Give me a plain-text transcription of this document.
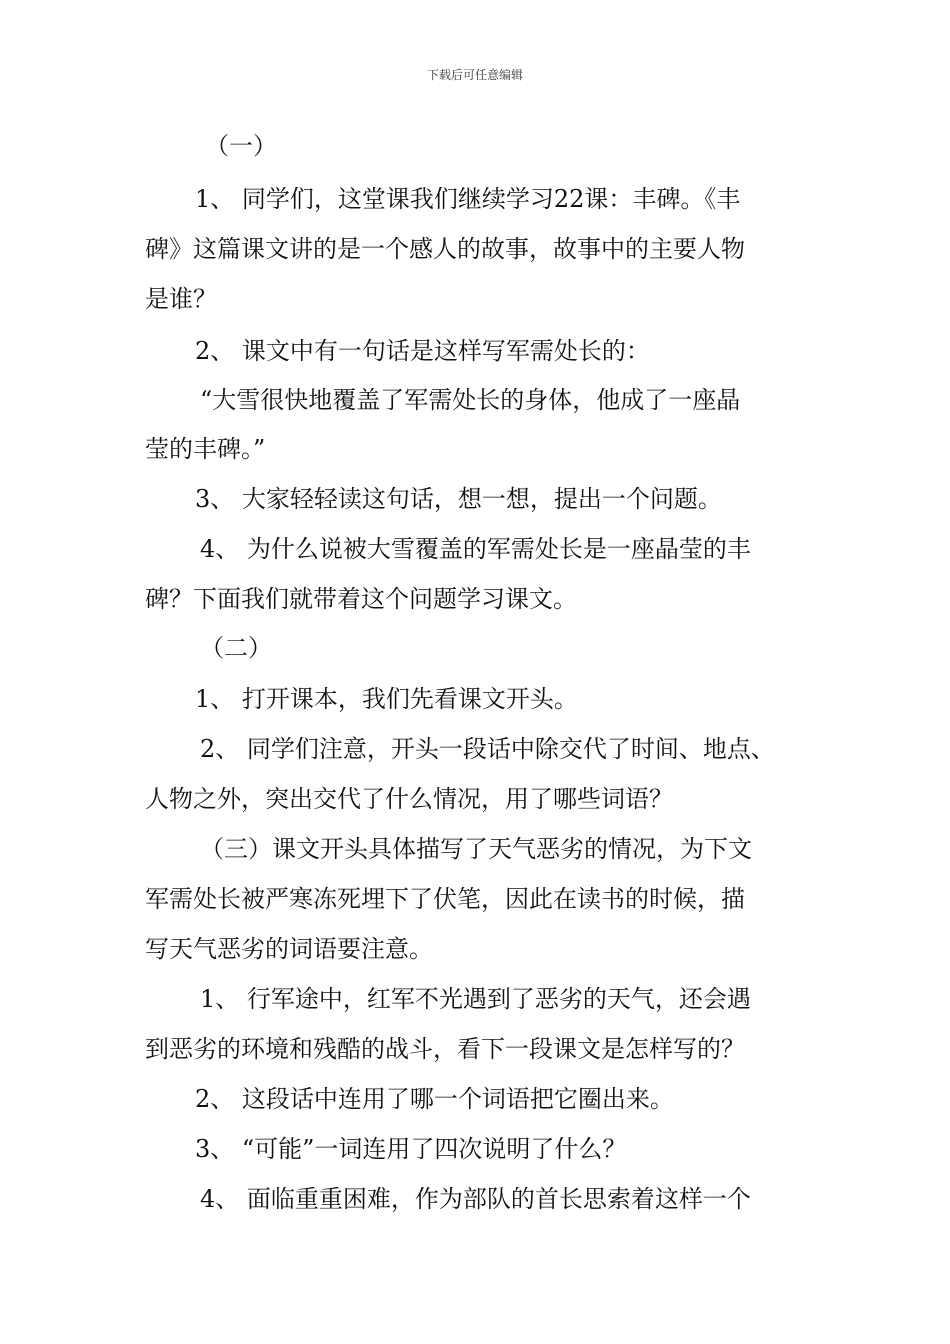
下载后可任意编辑
（一）
1、 同学们，这堂课我们继续学习22课：丰碑。《丰
碑》这篇课文讲的是一个感人的故事，故事中的主要人物
是谁？
2、 课文中有一句话是这样写军需处长的：
“大雪很快地覆盖了军需处长的身体，他成了一座晶
莹的丰碑。”
3、 大家轻轻读这句话，想一想，提出一个问题。
4、 为什么说被大雪覆盖的军需处长是一座晶莹的丰
碑？下面我们就带着这个问题学习课文。
（二）
1、 打开课本，我们先看课文开头。
2、 同学们注意，开头一段话中除交代了时间、地点、
人物之外，突出交代了什么情况，用了哪些词语？
（三）课文开头具体描写了天气恶劣的情况，为下文
军需处长被严寒冻死埋下了伏笔，因此在读书的时候，描
写天气恶劣的词语要注意。
1、 行军途中，红军不光遇到了恶劣的天气，还会遇
到恶劣的环境和残酷的战斗，看下一段课文是怎样写的？
2、 这段话中连用了哪一个词语把它圈出来。
3、 “可能”一词连用了四次说明了什么？
4、 面临重重困难，作为部队的首长思索着这样一个
